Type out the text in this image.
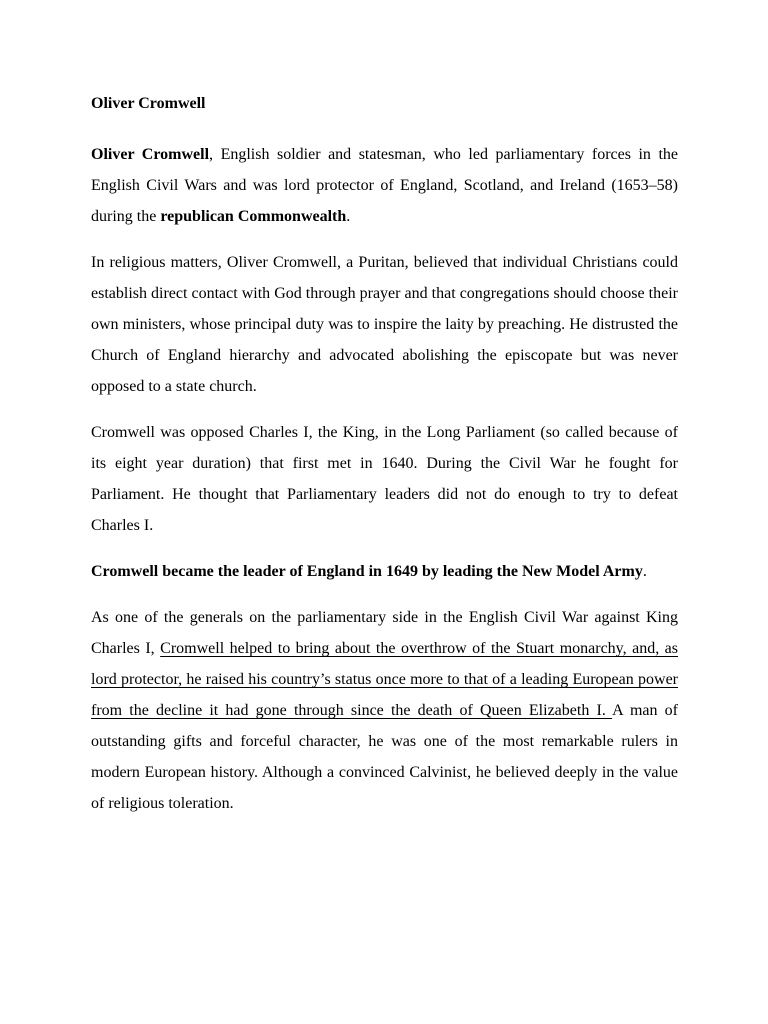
Oliver Cromwell

Oliver Cromwell, English soldier and statesman, who led parliamentary forces in the English Civil Wars and was lord protector of England, Scotland, and Ireland (1653–58) during the republican Commonwealth.

In religious matters, Oliver Cromwell, a Puritan, believed that individual Christians could establish direct contact with God through prayer and that congregations should choose their own ministers, whose principal duty was to inspire the laity by preaching. He distrusted the Church of England hierarchy and advocated abolishing the episcopate but was never opposed to a state church.

Cromwell was opposed Charles I, the King, in the Long Parliament (so called because of its eight year duration) that first met in 1640. During the Civil War he fought for Parliament. He thought that Parliamentary leaders did not do enough to try to defeat Charles I.

Cromwell became the leader of England in 1649 by leading the New Model Army.

As one of the generals on the parliamentary side in the English Civil War against King Charles I, Cromwell helped to bring about the overthrow of the Stuart monarchy, and, as lord protector, he raised his country’s status once more to that of a leading European power from the decline it had gone through since the death of Queen Elizabeth I. A man of outstanding gifts and forceful character, he was one of the most remarkable rulers in modern European history. Although a convinced Calvinist, he believed deeply in the value of religious toleration.
